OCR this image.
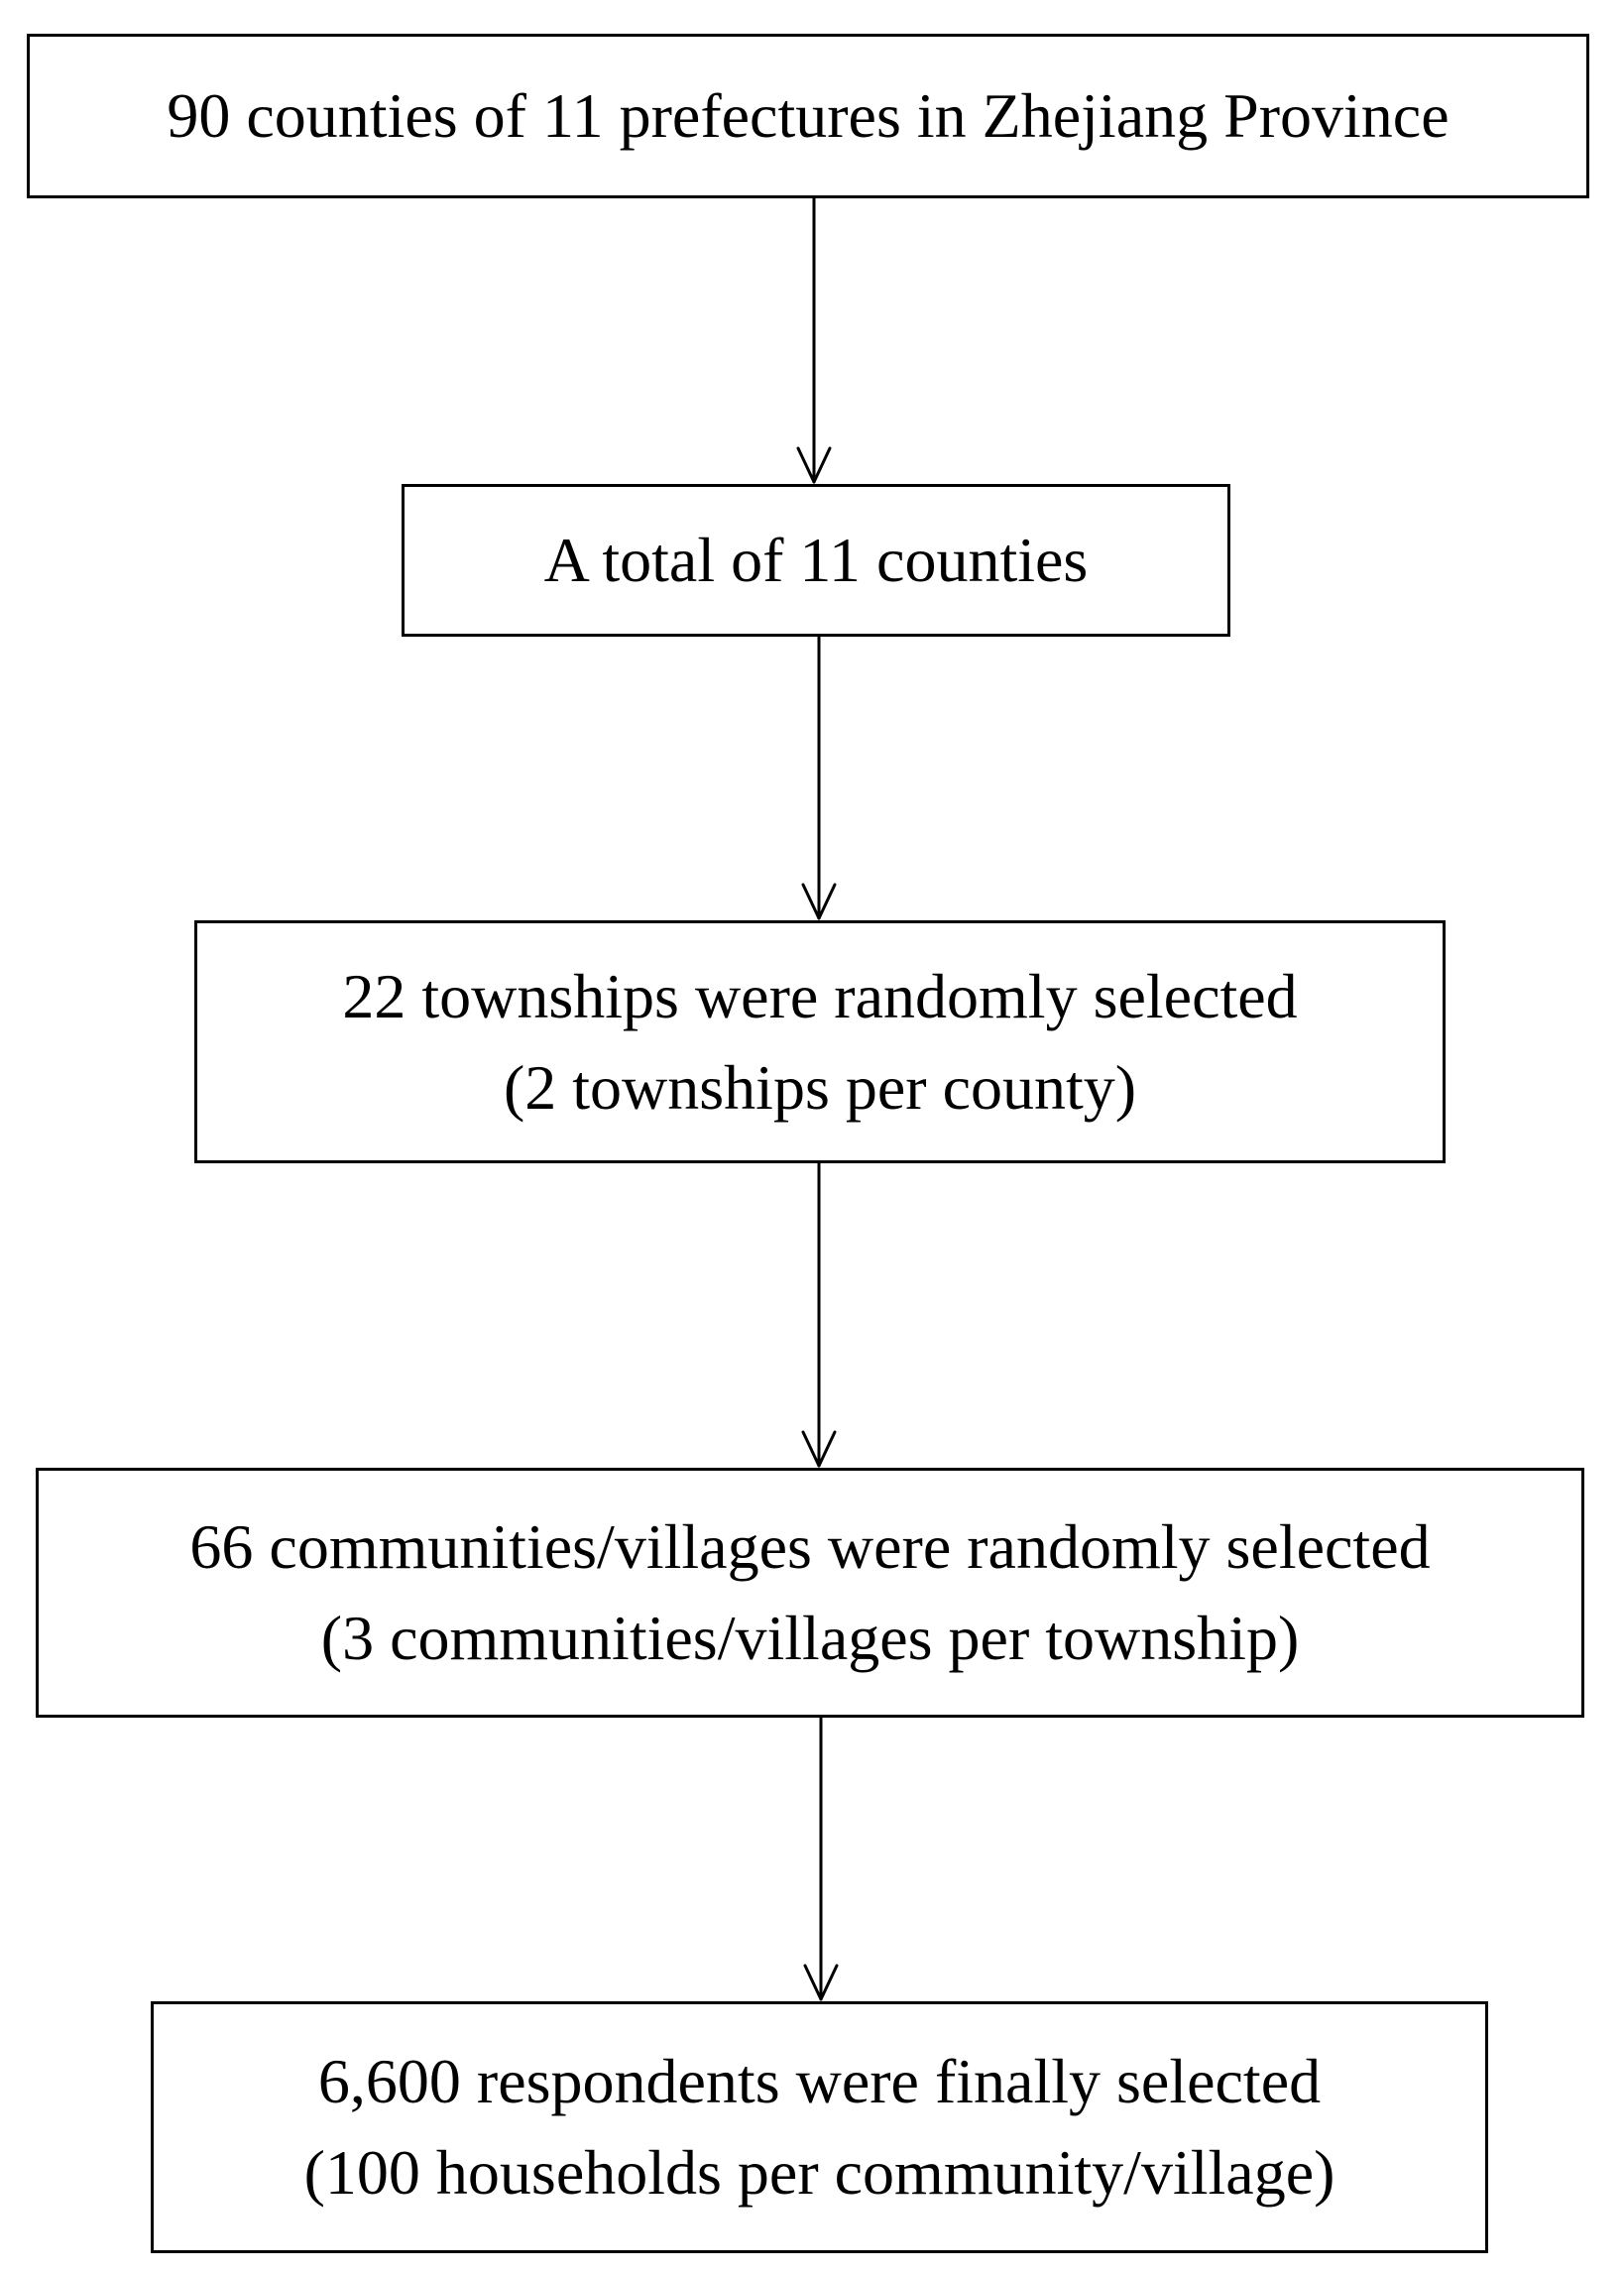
90 counties of 11 prefectures in Zhejiang Province
A total of 11 counties
22 townships were randomly selected
(2 townships per county)
66 communities/villages were randomly selected
(3 communities/villages per township)
6,600 respondents were finally selected
(100 households per community/village)
